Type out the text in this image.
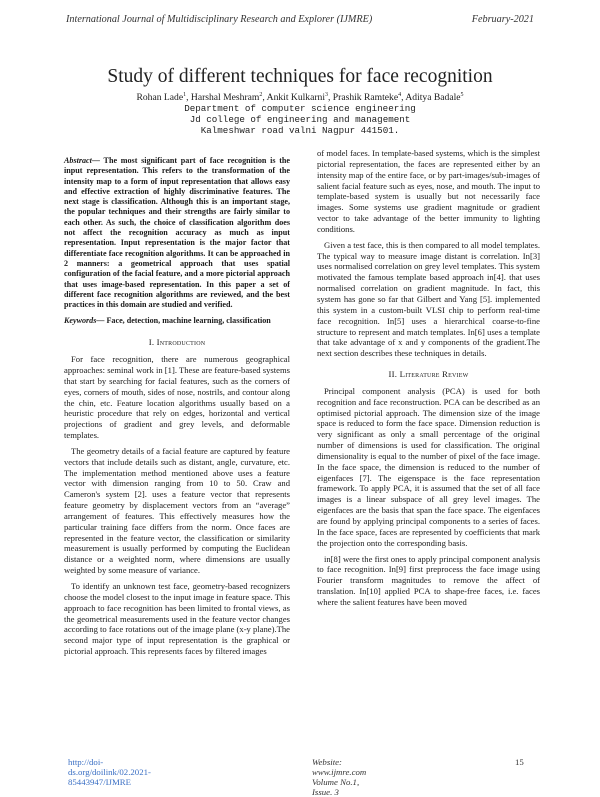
International Journal of Multidisciplinary Research and Explorer (IJMRE)	February-2021
Study of different techniques for face recognition
Rohan Lade$^1$, Harshal Meshram$^2$, Ankit Kulkarni$^3$, Prashik Ramteke$^4$, Aditya Badale$^5$
Department of computer science engineering
Jd college of engineering and management
Kalmeshwar road valni Nagpur 441501.
Abstract— The most significant part of face recognition is the input representation. This refers to the transformation of the intensity map to a form of input representation that allows easy and effective extraction of highly discriminative features. The next stage is classification. Although this is an important stage, the popular techniques and their strengths are fairly similar to each other. As such, the choice of classification algorithm does not affect the recognition accuracy as much as input representation. Input representation is the major factor that differentiate face recognition algorithms. It can be approached in 2 manners: a geometrical approach that uses spatial configuration of the facial feature, and a more pictorial approach that uses image-based representation. In this paper a set of different face recognition algorithms are reviewed, and the best practices in this domain are studied and verified.
Keywords— Face, detection, machine learning, classification
I. Introduction

For face recognition, there are numerous geographical approaches: seminal work in [1]. These are feature-based systems that start by searching for facial features, such as the corners of eyes, corners of mouth, sides of nose, nostrils, and contour along the chin, etc. Feature location algorithms usually based on a heuristic procedure that rely on edges, horizontal and vertical projections of gradient and grey levels, and deformable templates.

The geometry details of a facial feature are captured by feature vectors that include details such as distant, angle, curvature, etc. The implementation method mentioned above uses a feature vector with dimension ranging from 10 to 50. Craw and Cameron's system [2]. uses a feature vector that represents feature geometry by displacement vectors from an “average” arrangement of features. This effectively measures how the particular training face differs from the norm. Once faces are represented in the feature vector, the classification or similarity measurement is usually performed by computing the Euclidean distance or a weighted norm, where dimensions are usually weighted by some measure of variance.

To identify an unknown test face, geometry-based recognizers choose the model closest to the input image in feature space. This approach to face recognition has been limited to frontal views, as the geometrical measurements used in the feature vector changes according to face rotations out of the image plane (x-y plane).The second major type of input representation is the graphical or pictorial approach. This represents faces by filtered images

of model faces. In template-based systems, which is the simplest pictorial representation, the faces are represented either by an intensity map of the entire face, or by part-images/sub-images of salient facial feature such as eyes, nose, and mouth. The input to template-based system is usually but not necessarily face images. Some systems use gradient magnitude or gradient vector to take advantage of the better immunity to lighting conditions.

Given a test face, this is then compared to all model templates. The typical way to measure image distant is correlation. In[3] uses normalised correlation on grey level templates. This system motivated the famous template based approach in[4]. that uses normalised correlation on gradient magnitude. In fact, this system has gone so far that Gilbert and Yang [5]. implemented this system in a custom-built VLSI chip to perform real-time face recognition. In[5] uses a hierarchical coarse-to-fine structure to represent and match templates. In[6] uses a template that take advantage of x and y components of the gradient.The next section describes these techniques in details.

II. Literature Review

Principal component analysis (PCA) is used for both recognition and face reconstruction. PCA can be described as an optimised pictorial approach. The dimension size of the image space is reduced to form the face space. Dimension reduction is very significant as only a small percentage of the original number of dimensions is used for classification. The original dimensionality is equal to the number of pixel of the face image. In the face space, the dimension is reduced to the number of eigenfaces [7]. The eigenspace is the face representation framework. To apply PCA, it is assumed that the set of all face images is a linear subspace of all grey level images. The eigenfaces are the basis that span the face space. The eigenfaces are found by applying principal components to a series of faces. In the face space, faces are represented by coefficients that mark the projection onto the corresponding basis.

in[8] were the first ones to apply principal component analysis to face recognition. In[9] first preprocess the face image using Fourier transform magnitudes to remove the affect of translation. In[10] applied PCA to shape-free faces, i.e. faces where the salient features have been moved

http://doi-ds.org/doilink/02.2021-85443947/IJMRE
Website: www.ijmre.com Volume No.1, Issue. 3
15
